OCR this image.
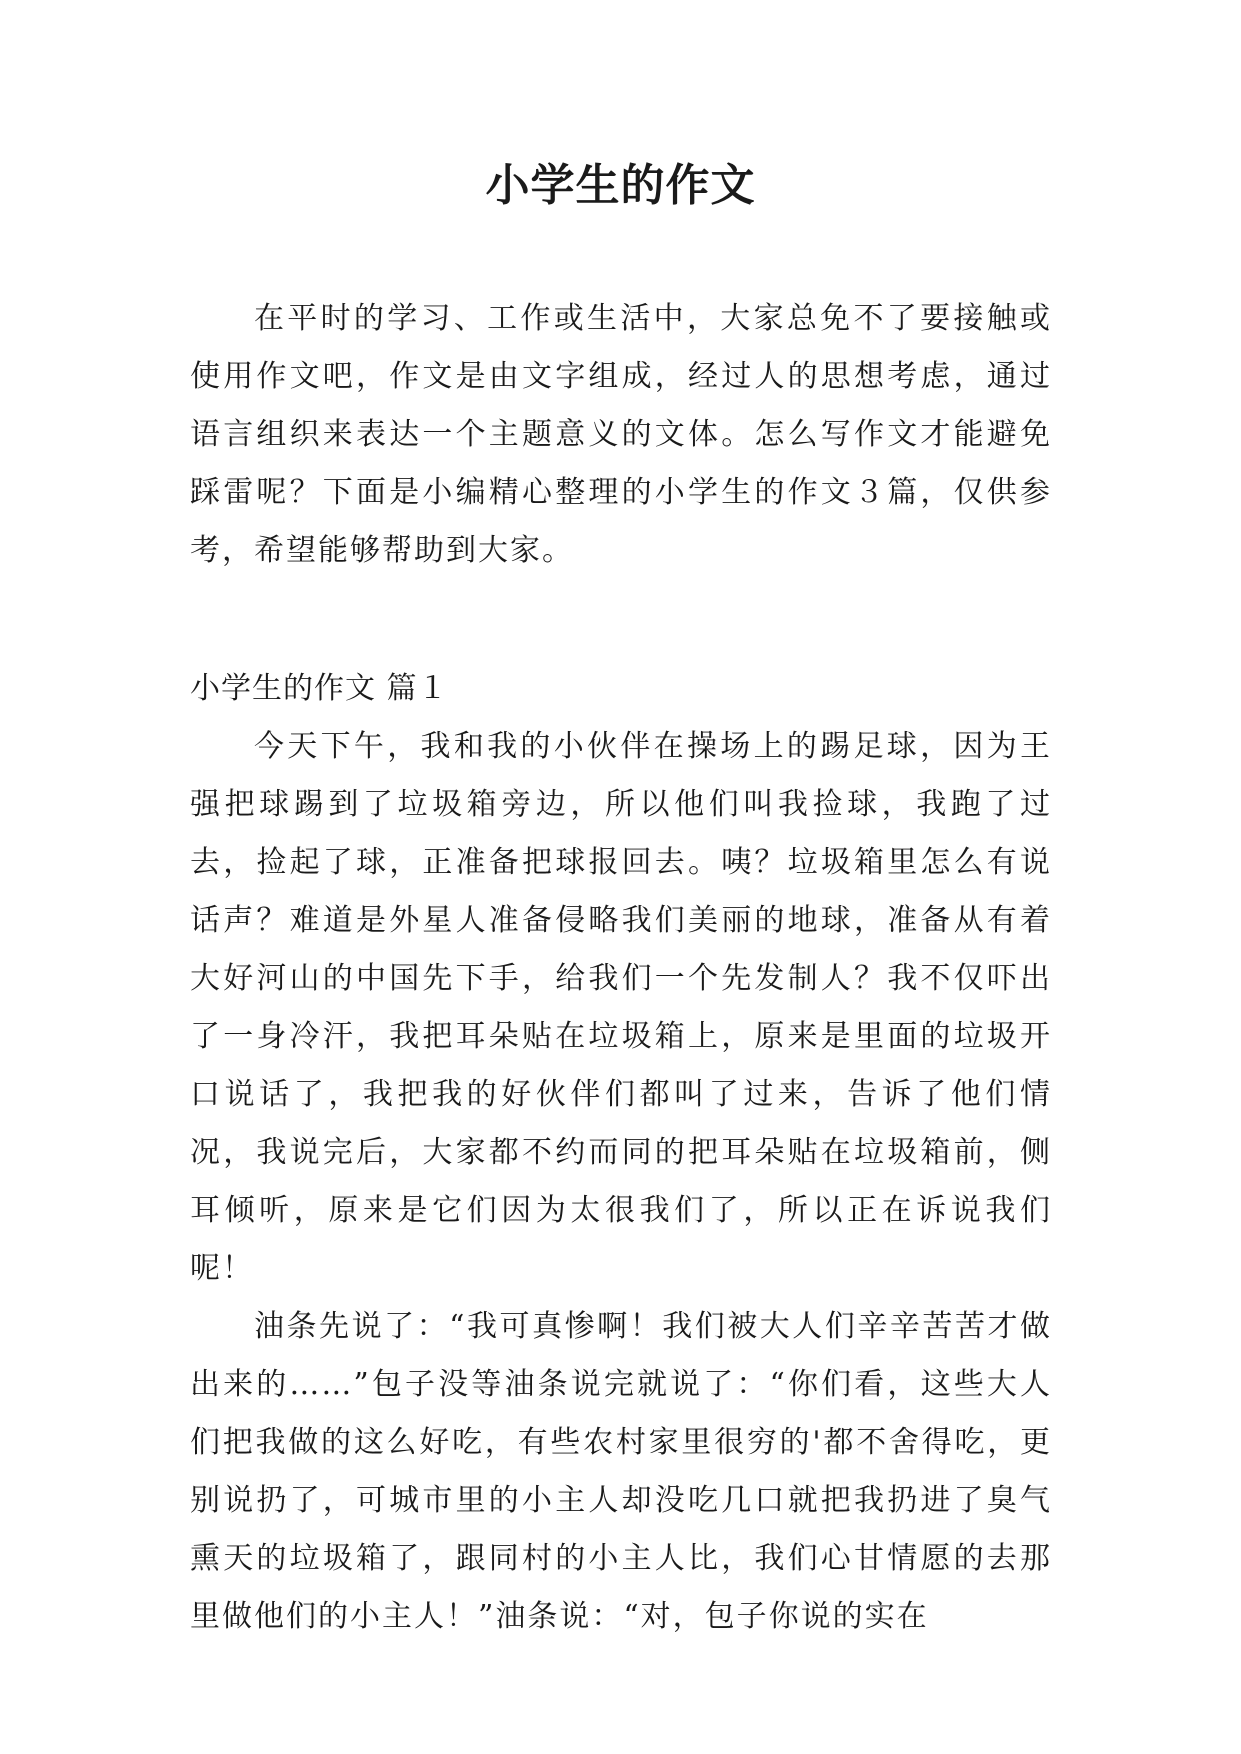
小学生的作文

在平时的学习、工作或生活中，大家总免不了要接触或使用作文吧，作文是由文字组成，经过人的思想考虑，通过语言组织来表达一个主题意义的文体。怎么写作文才能避免踩雷呢？下面是小编精心整理的小学生的作文３篇，仅供参考，希望能够帮助到大家。

小学生的作文 篇１

今天下午，我和我的小伙伴在操场上的踢足球，因为王强把球踢到了垃圾箱旁边，所以他们叫我捡球，我跑了过去，捡起了球，正准备把球报回去。咦？垃圾箱里怎么有说话声？难道是外星人准备侵略我们美丽的地球，准备从有着大好河山的中国先下手，给我们一个先发制人？我不仅吓出了一身冷汗，我把耳朵贴在垃圾箱上，原来是里面的垃圾开口说话了，我把我的好伙伴们都叫了过来，告诉了他们情况，我说完后，大家都不约而同的把耳朵贴在垃圾箱前，侧耳倾听，原来是它们因为太很我们了，所以正在诉说我们呢！

油条先说了：“我可真惨啊！我们被大人们辛辛苦苦才做出来的……”包子没等油条说完就说了：“你们看，这些大人们把我做的这么好吃，有些农村家里很穷的'都不舍得吃，更别说扔了，可城市里的小主人却没吃几口就把我扔进了臭气熏天的垃圾箱了，跟同村的小主人比，我们心甘情愿的去那里做他们的小主人！”油条说：“对，包子你说的实在
